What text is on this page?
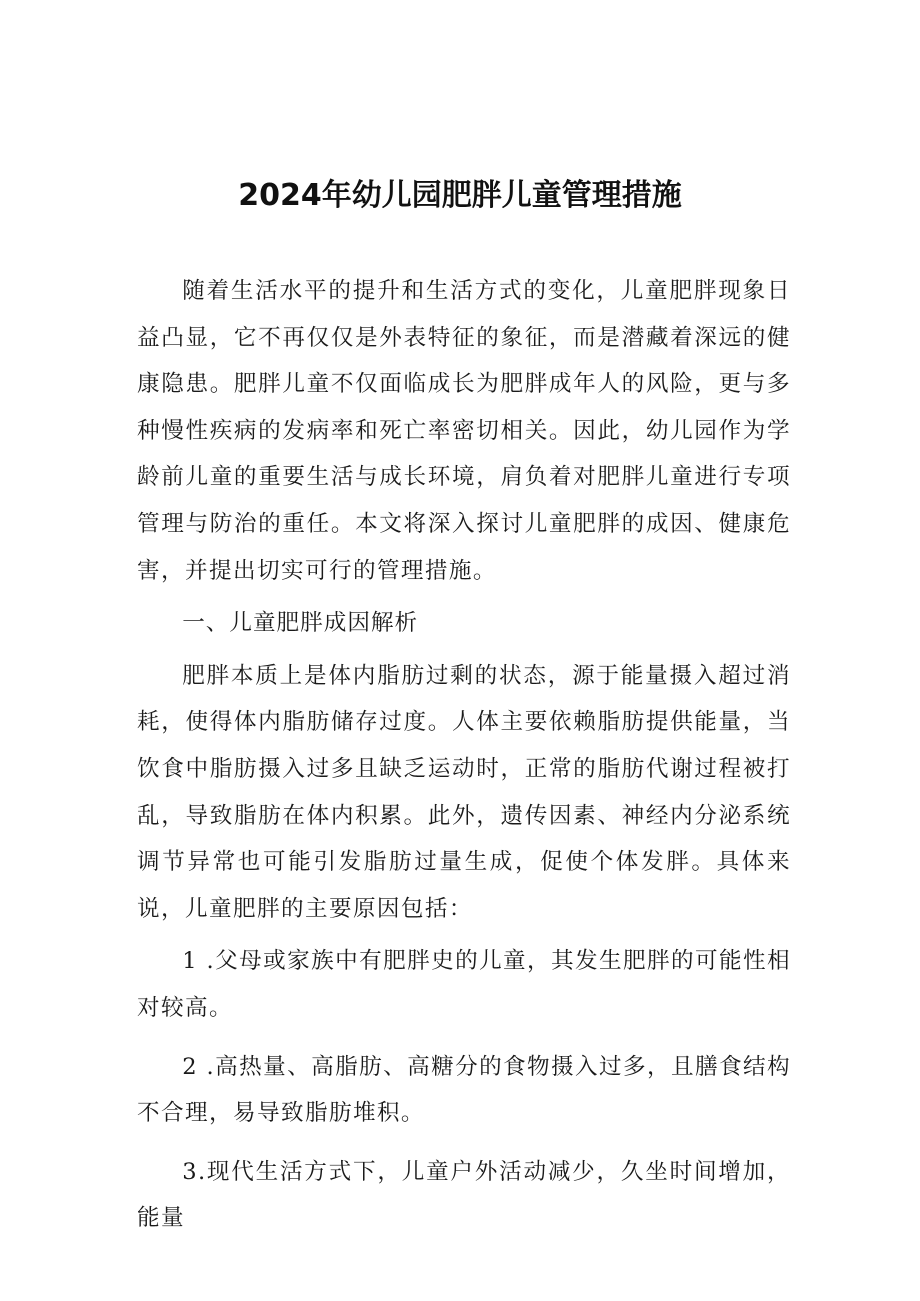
2024年幼儿园肥胖儿童管理措施

随着生活水平的提升和生活方式的变化，儿童肥胖现象日益凸显，它不再仅仅是外表特征的象征，而是潜藏着深远的健康隐患。肥胖儿童不仅面临成长为肥胖成年人的风险，更与多种慢性疾病的发病率和死亡率密切相关。因此，幼儿园作为学龄前儿童的重要生活与成长环境，肩负着对肥胖儿童进行专项管理与防治的重任。本文将深入探讨儿童肥胖的成因、健康危害，并提出切实可行的管理措施。

一、儿童肥胖成因解析

肥胖本质上是体内脂肪过剩的状态，源于能量摄入超过消耗，使得体内脂肪储存过度。人体主要依赖脂肪提供能量，当饮食中脂肪摄入过多且缺乏运动时，正常的脂肪代谢过程被打乱，导致脂肪在体内积累。此外，遗传因素、神经内分泌系统调节异常也可能引发脂肪过量生成，促使个体发胖。具体来说，儿童肥胖的主要原因包括：

1 .父母或家族中有肥胖史的儿童，其发生肥胖的可能性相对较高。

2 .高热量、高脂肪、高糖分的食物摄入过多，且膳食结构不合理，易导致脂肪堆积。

3.现代生活方式下，儿童户外活动减少，久坐时间增加，能量
